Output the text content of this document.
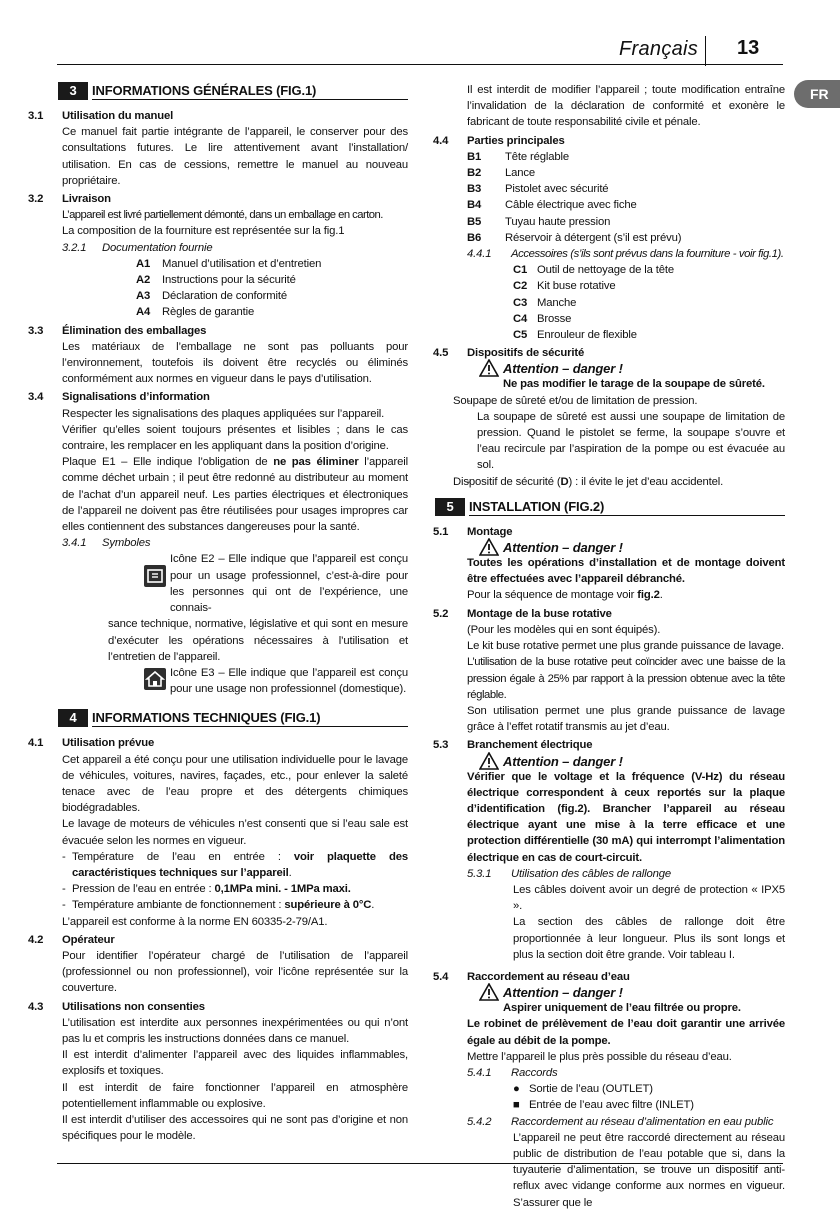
Français 13
FR
3	INFORMATIONS GÉNÉRALES (FIG.1)
3.1 Utilisation du manuel
Ce manuel fait partie intégrante de l’appareil, le conserver pour des consultations futures. Le lire attentivement avant l’installation/ utilisation. En cas de cessions, remettre le manuel au nouveau propriétaire.
3.2 Livraison
L’appareil est livré partiellement démonté, dans un emballage en carton.
La composition de la fourniture est représentée sur la fig.1
3.2.1 Documentation fournie
A1 Manuel d’utilisation et d’entretien
A2 Instructions pour la sécurité
A3 Déclaration de conformité
A4 Règles de garantie
3.3 Élimination des emballages
Les matériaux de l’emballage ne sont pas polluants pour l’environnement, toutefois ils doivent être recyclés ou éliminés conformément aux normes en vigueur dans le pays d’utilisation.
3.4 Signalisations d’information
Respecter les signalisations des plaques appliquées sur l’appareil.
Vérifier qu’elles soient toujours présentes et lisibles ; dans le cas contraire, les remplacer en les appliquant dans la position d’origine.
Plaque E1 – Elle indique l’obligation de ne pas éliminer l’appareil comme déchet urbain ; il peut être redonné au distributeur au moment de l’achat d’un appareil neuf. Les parties électriques et électroniques de l’appareil ne doivent pas être réutilisées pour usages impropres car elles contiennent des substances dangereuses pour la santé.
3.4.1 Symboles
Icône E2 – Elle indique que l’appareil est conçu pour un usage professionnel, c’est-à-dire pour les personnes qui ont de l’expérience, une connais-
sance technique, normative, législative et qui sont en mesure d’exécuter les opérations nécessaires à l’utilisation et l’entretien de l’appareil.
Icône E3 – Elle indique que l’appareil est conçu pour une usage non professionnel (domestique).
4	INFORMATIONS TECHNIQUES (FIG.1)
4.1 Utilisation prévue
Cet appareil a été conçu pour une utilisation individuelle pour le lavage de véhicules, voitures, navires, façades, etc., pour enlever la saleté tenace avec de l’eau propre et des détergents chimiques biodégradables.
Le lavage de moteurs de véhicules n’est consenti que si l’eau sale est évacuée selon les normes en vigueur.
- Température de l’eau en entrée : voir plaquette des caractéristiques techniques sur l’appareil.
- Pression de l’eau en entrée : 0,1MPa mini. - 1MPa maxi.
- Température ambiante de fonctionnement : supérieure à 0°C.
L’appareil est conforme à la norme EN 60335-2-79/A1.
4.2 Opérateur
Pour identifier l’opérateur chargé de l’utilisation de l’appareil (professionnel ou non professionnel), voir l’icône représentée sur la couverture.
4.3 Utilisations non consenties
L’utilisation est interdite aux personnes inexpérimentées ou qui n’ont pas lu et compris les instructions données dans ce manuel.
Il est interdit d’alimenter l’appareil avec des liquides inflammables, explosifs et toxiques.
Il est interdit de faire fonctionner l’appareil en atmosphère potentiellement inflammable ou explosive.
Il est interdit d’utiliser des accessoires qui ne sont pas d’origine et non spécifiques pour le modèle.
Il est interdit de modifier l’appareil ; toute modification entraîne l’invalidation de la déclaration de conformité et exonère le fabricant de toute responsabilité civile et pénale.
4.4 Parties principales
B1 Tête réglable
B2 Lance
B3 Pistolet avec sécurité
B4 Câble électrique avec fiche
B5 Tuyau haute pression
B6 Réservoir à détergent (s’il est prévu)
4.4.1 Accessoires (s’ils sont prévus dans la fourniture - voir fig.1).
C1 Outil de nettoyage de la tête
C2 Kit buse rotative
C3 Manche
C4 Brosse
C5 Enrouleur de flexible
4.5 Dispositifs de sécurité
Attention – danger !
Ne pas modifier le tarage de la soupape de sûreté.
- Soupape de sûreté et/ou de limitation de pression.
La soupape de sûreté est aussi une soupape de limitation de pression. Quand le pistolet se ferme, la soupape s’ouvre et l’eau recircule par l’aspiration de la pompe ou est évacuée au sol.
- Dispositif de sécurité (D) : il évite le jet d’eau accidentel.
5	INSTALLATION (FIG.2)
5.1 Montage
Attention – danger !
Toutes les opérations d’installation et de montage doivent être effectuées avec l’appareil débranché.
Pour la séquence de montage voir fig.2.
5.2 Montage de la buse rotative
(Pour les modèles qui en sont équipés).
Le kit buse rotative permet une plus grande puissance de lavage.
L’utilisation de la buse rotative peut coïncider avec une baisse de la pression égale à 25% par rapport à la pression obtenue avec la tête réglable.
Son utilisation permet une plus grande puissance de lavage grâce à l’effet rotatif transmis au jet d’eau.
5.3 Branchement électrique
Attention – danger !
Vérifier que le voltage et la fréquence (V-Hz) du réseau électrique correspondent à ceux reportés sur la plaque d’identification (fig.2). Brancher l’appareil au réseau électrique ayant une mise à la terre efficace et une protection différentielle (30 mA) qui interrompt l’alimentation électrique en cas de court-circuit.
5.3.1 Utilisation des câbles de rallonge
Les câbles doivent avoir un degré de protection « IPX5 ».
La section des câbles de rallonge doit être proportionnée à leur longueur. Plus ils sont longs et plus la section doit être grande. Voir tableau I.
5.4 Raccordement au réseau d’eau
Attention – danger !
Aspirer uniquement de l’eau filtrée ou propre.
Le robinet de prélèvement de l’eau doit garantir une arrivée égale au débit de la pompe.
Mettre l’appareil le plus près possible du réseau d’eau.
5.4.1 Raccords
● Sortie de l’eau (OUTLET)
■ Entrée de l’eau avec filtre (INLET)
5.4.2 Raccordement au réseau d’alimentation en eau public
L’appareil ne peut être raccordé directement au réseau public de distribution de l’eau potable que si, dans la tuyauterie d’alimentation, se trouve un dispositif anti-reflux avec vidange conforme aux normes en vigueur. S’assurer que le
